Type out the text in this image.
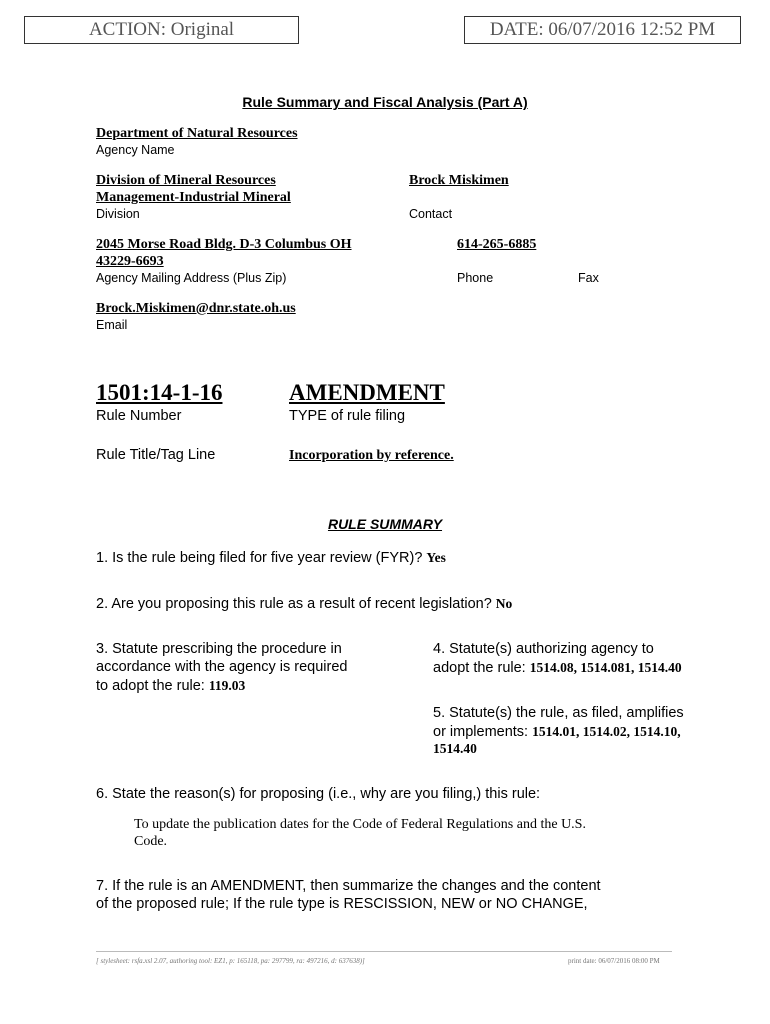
ACTION: Original	DATE: 06/07/2016 12:52 PM
Rule Summary and Fiscal Analysis (Part A)
Department of Natural Resources
Agency Name
Division of Mineral Resources
Management-Industrial Mineral
Division
Brock Miskimen
Contact
2045 Morse Road Bldg. D-3 Columbus OH
43229-6693
Agency Mailing Address (Plus Zip)
614-265-6885
Phone	Fax
Brock.Miskimen@dnr.state.oh.us
Email
1501:14-1-16
Rule Number
AMENDMENT
TYPE of rule filing
Rule Title/Tag Line	Incorporation by reference.
RULE SUMMARY
1. Is the rule being filed for five year review (FYR)? Yes
2. Are you proposing this rule as a result of recent legislation? No
3. Statute prescribing the procedure in
accordance with the agency is required
to adopt the rule: 119.03
4. Statute(s) authorizing agency to
adopt the rule: 1514.08, 1514.081, 1514.40
5. Statute(s) the rule, as filed, amplifies
or implements: 1514.01, 1514.02, 1514.10,
1514.40
6. State the reason(s) for proposing (i.e., why are you filing,) this rule:
To update the publication dates for the Code of Federal Regulations and the U.S.
Code.
7. If the rule is an AMENDMENT, then summarize the changes and the content
of the proposed rule; If the rule type is RESCISSION, NEW or NO CHANGE,
[ stylesheet: rsfa.xsl 2.07, authoring tool: EZ1, p: 165118, pa: 297799, ra: 497216, d: 637638)]	print date: 06/07/2016 08:00 PM
